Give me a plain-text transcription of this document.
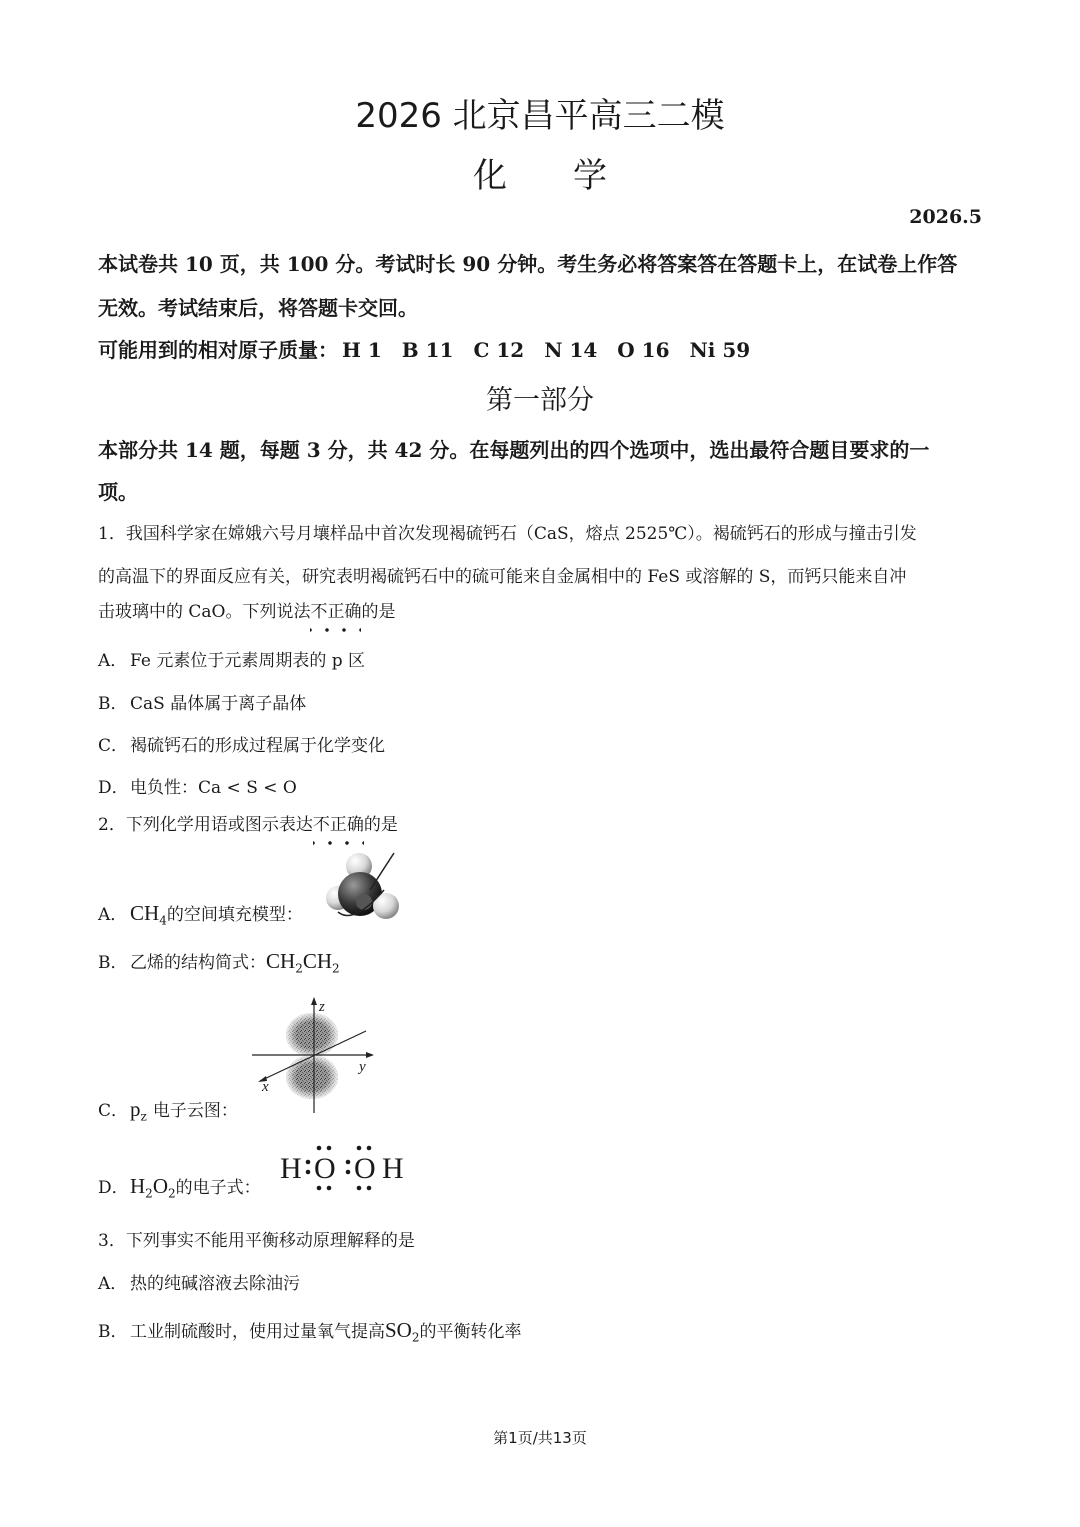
2026 北京昌平高三二模
化 学
2026.5
本试卷共 10 页，共 100 分。考试时长 90 分钟。考生务必将答案答在答题卡上，在试卷上作答
无效。考试结束后，将答题卡交回。
可能用到的相对原子质量： H 1 B 11 C 12 N 14 O 16 Ni 59
第一部分
本部分共 14 题，每题 3 分，共 42 分。在每题列出的四个选项中，选出最符合题目要求的一
项。
1．我国科学家在嫦娥六号月壤样品中首次发现褐硫钙石（CaS，熔点 2525℃）。褐硫钙石的形成与撞击引发
的高温下的界面反应有关，研究表明褐硫钙石中的硫可能来自金属相中的 FeS 或溶解的 S，而钙只能来自冲
击玻璃中的 CaO。下列说法不正确的是
A． Fe 元素位于元素周期表的 p 区
B． CaS 晶体属于离子晶体
C． 褐硫钙石的形成过程属于化学变化
D．电负性：Ca < S < O
2．下列化学用语或图示表达不正确的是
A． $CH_4$的空间填充模型：
B． 乙烯的结构简式：$CH_2CH_2$
C．$p_z$ 电子云图：
z
y
x
D．$H_2O_2$的电子式：
H O O H
3．下列事实不能用平衡移动原理解释的是
A． 热的纯碱溶液去除油污
B． 工业制硫酸时，使用过量氧气提高$SO_2$的平衡转化率
第1页/共13页
